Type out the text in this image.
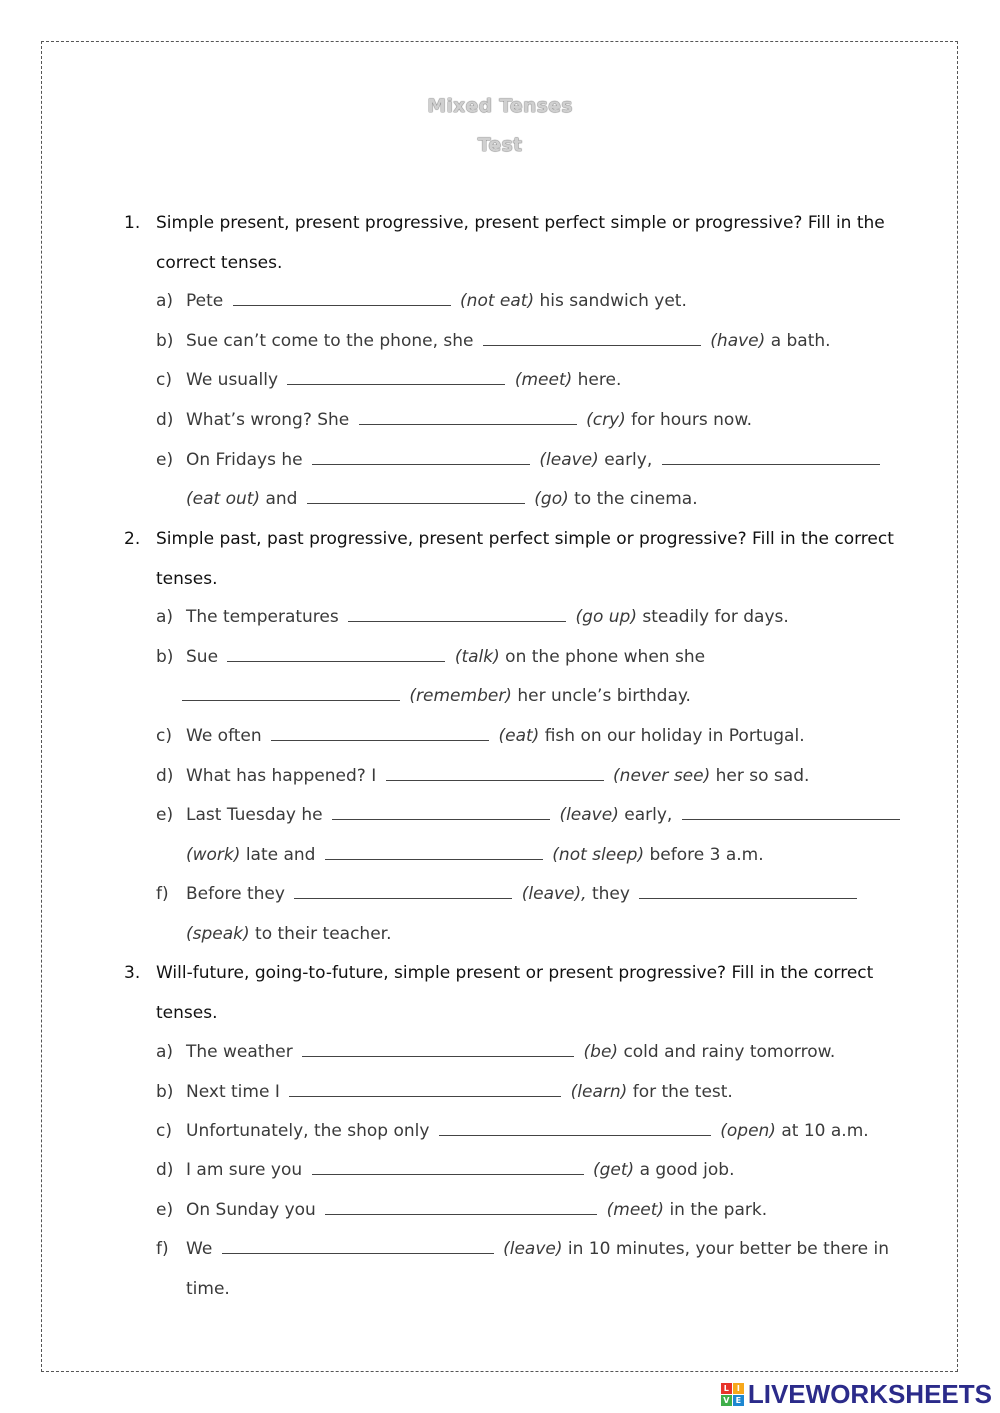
Mixed Tenses
Test
1. Simple present, present progressive, present perfect simple or progressive? Fill in the
correct tenses.
a) Pete	(not eat) his sandwich yet.
b) Sue can’t come to the phone, she	(have) a bath.
c) We usually	(meet) here.
d) What’s wrong? She	(cry) for hours now.
e) On Fridays he	(leave) early,
(eat out) and	(go) to the cinema.
2. Simple past, past progressive, present perfect simple or progressive? Fill in the correct
tenses.
a) The temperatures	(go up) steadily for days.
b) Sue	(talk) on the phone when she
(remember) her uncle’s birthday.
c) We often	(eat) fish on our holiday in Portugal.
d) What has happened? I	(never see) her so sad.
e) Last Tuesday he	(leave) early,
(work) late and	(not sleep) before 3 a.m.
f) Before they	(leave), they
(speak) to their teacher.
3. Will-future, going-to-future, simple present or present progressive? Fill in the correct
tenses.
a) The weather	(be) cold and rainy tomorrow.
b) Next time I	(learn) for the test.
c) Unfortunately, the shop only	(open) at 10 a.m.
d) I am sure you	(get) a good job.
e) On Sunday you	(meet) in the park.
f) We	(leave) in 10 minutes, your better be there in
time.
L I
V E LIVEWORKSHEETS
